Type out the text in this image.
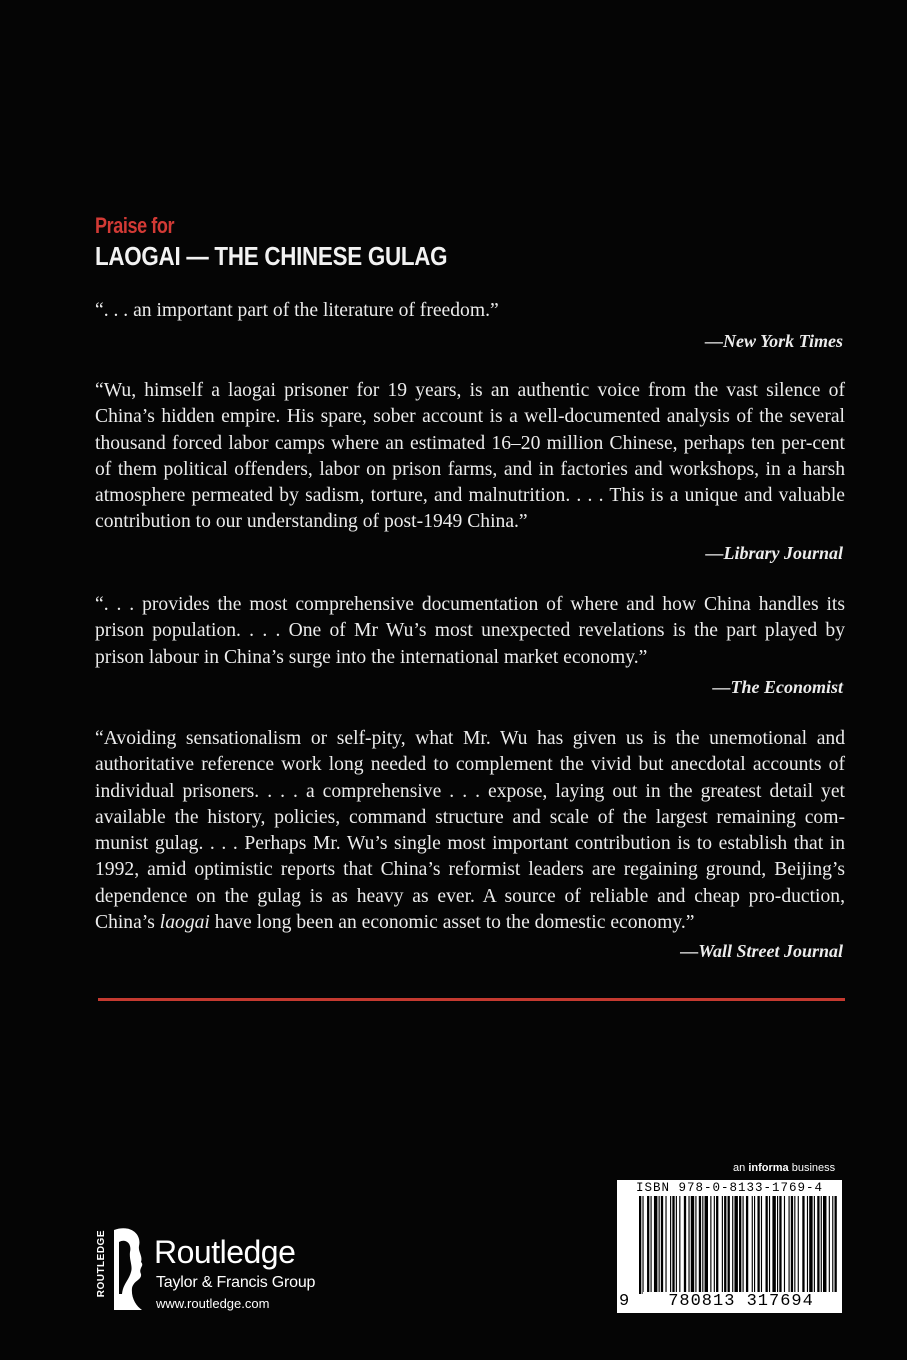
Praise for
LAOGAI — THE CHINESE GULAG
“. . . an important part of the literature of freedom.”
—New York Times
“Wu, himself a laogai prisoner for 19 years, is an authentic voice from the vast silence of China’s hidden empire. His spare, sober account is a well-documented analysis of the several thousand forced labor camps where an estimated 16–20 million Chinese, perhaps ten per-cent of them political offenders, labor on prison farms, and in factories and workshops, in a harsh atmosphere permeated by sadism, torture, and malnutrition. . . . This is a unique and valuable contribution to our understanding of post-1949 China.”
—Library Journal
“. . . provides the most comprehensive documentation of where and how China handles its prison population. . . . One of Mr Wu’s most unexpected revelations is the part played by prison labour in China’s surge into the international market economy.”
—The Economist
“Avoiding sensationalism or self-pity, what Mr. Wu has given us is the unemotional and authoritative reference work long needed to complement the vivid but anecdotal accounts of individual prisoners. . . . a comprehensive . . . expose, laying out in the greatest detail yet available the history, policies, command structure and scale of the largest remaining com-munist gulag. . . . Perhaps Mr. Wu’s single most important contribution is to establish that in 1992, amid optimistic reports that China’s reformist leaders are regaining ground, Beijing’s dependence on the gulag is as heavy as ever. A source of reliable and cheap pro-duction, China’s laogai have long been an economic asset to the domestic economy.”
—Wall Street Journal
an informa business
ROUTLEDGE Routledge
Taylor & Francis Group
www.routledge.com
ISBN 978-0-8133-1769-4
9	780813 317694
